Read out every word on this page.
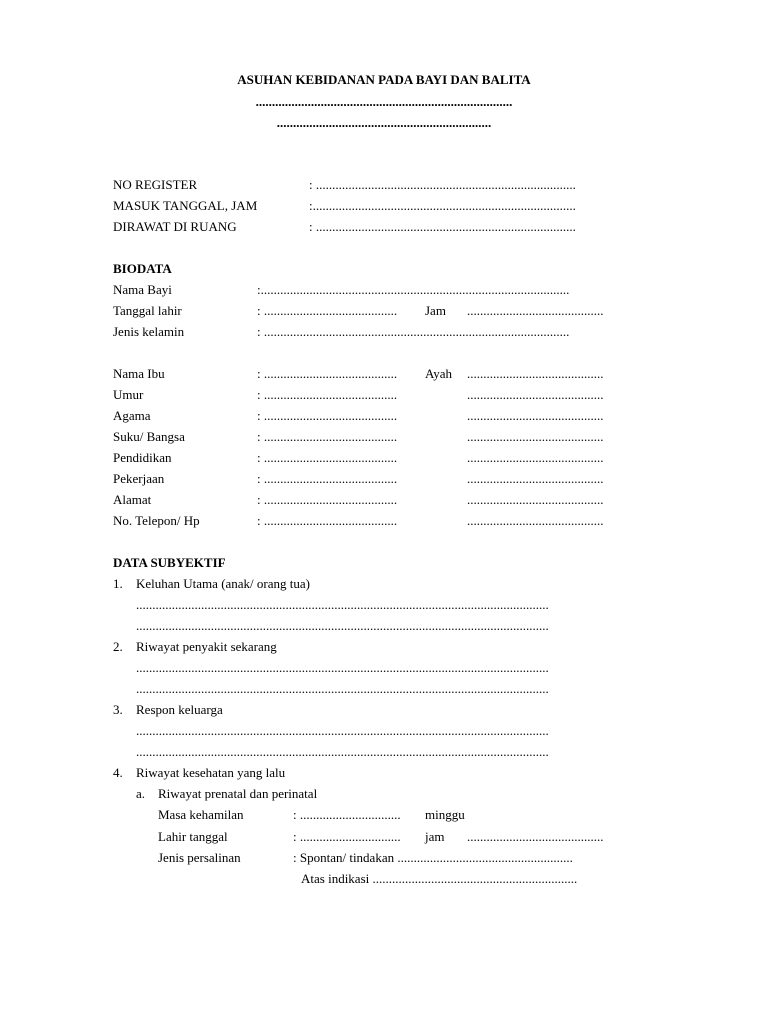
ASUHAN KEBIDANAN PADA BAYI DAN BALITA
...............................................................................
..................................................................
NO REGISTER	: ................................................................................
MASUK TANGGAL, JAM	:.................................................................................
DIRAWAT DI RUANG	: ................................................................................
BIODATA
Nama Bayi	:...............................................................................................
Tanggal lahir	: .........................................	Jam ..........................................
Jenis kelamin	: ..............................................................................................
Nama Ibu	: .........................................	Ayah ..........................................
Umur	: .........................................	..........................................
Agama	: .........................................	..........................................
Suku/ Bangsa	: .........................................	..........................................
Pendidikan	: .........................................	..........................................
Pekerjaan	: .........................................	..........................................
Alamat	: .........................................	..........................................
No. Telepon/ Hp	: .........................................	..........................................
DATA SUBYEKTIF
1. Keluhan Utama (anak/ orang tua)
...............................................................................................................................
...............................................................................................................................
2. Riwayat penyakit sekarang
...............................................................................................................................
...............................................................................................................................
3. Respon keluarga
...............................................................................................................................
...............................................................................................................................
4. Riwayat kesehatan yang lalu
a. Riwayat prenatal dan perinatal
Masa kehamilan	: ...............................	minggu
Lahir tanggal	: ...............................	jam ..........................................
Jenis persalinan	: Spontan/ tindakan ......................................................
Atas indikasi ...............................................................
